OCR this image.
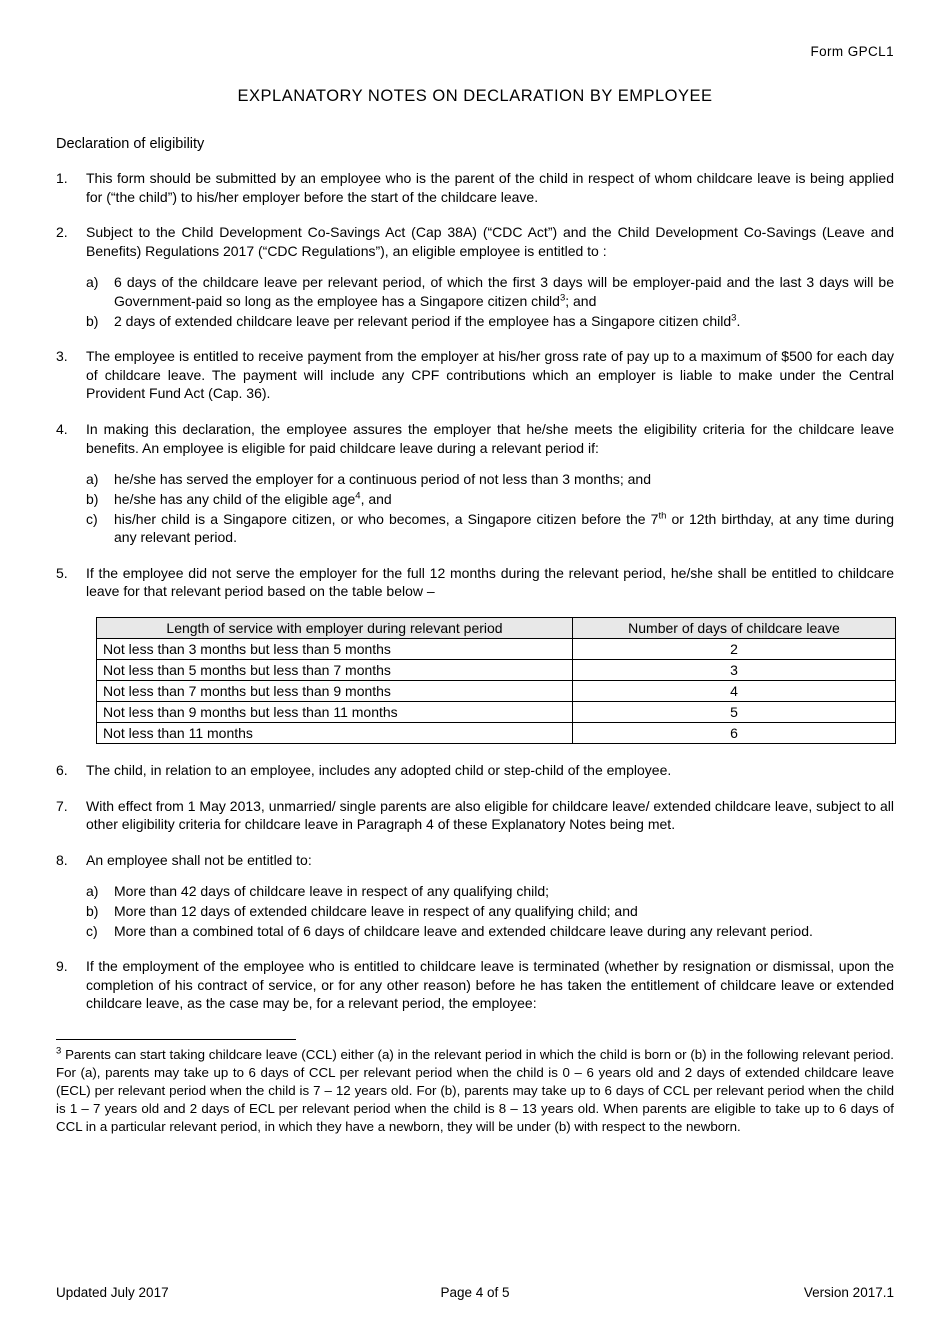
Form GPCL1
EXPLANATORY NOTES ON DECLARATION BY EMPLOYEE
Declaration of eligibility
1.	This form should be submitted by an employee who is the parent of the child in respect of whom childcare leave is being applied for (“the child”) to his/her employer before the start of the childcare leave.
2.	Subject to the Child Development Co-Savings Act (Cap 38A) (“CDC Act”) and the Child Development Co-Savings (Leave and Benefits) Regulations 2017 (“CDC Regulations”), an eligible employee is entitled to :
a)	6 days of the childcare leave per relevant period, of which the first 3 days will be employer-paid and the last 3 days will be Government-paid so long as the employee has a Singapore citizen child$^3$; and
b)	2 days of extended childcare leave per relevant period if the employee has a Singapore citizen child$^3$.
3.	The employee is entitled to receive payment from the employer at his/her gross rate of pay up to a maximum of $500 for each day of childcare leave. The payment will include any CPF contributions which an employer is liable to make under the Central Provident Fund Act (Cap. 36).
4.	In making this declaration, the employee assures the employer that he/she meets the eligibility criteria for the childcare leave benefits. An employee is eligible for paid childcare leave during a relevant period if:
a)	he/she has served the employer for a continuous period of not less than 3 months; and
b)	he/she has any child of the eligible age$^4$, and
c)	his/her child is a Singapore citizen, or who becomes, a Singapore citizen before the 7th or 12th birthday, at any time during any relevant period.
5.	If the employee did not serve the employer for the full 12 months during the relevant period, he/she shall be entitled to childcare leave for that relevant period based on the table below –
Length of service with employer during relevant period	Number of days of childcare leave
Not less than 3 months but less than 5 months	2
Not less than 5 months but less than 7 months	3
Not less than 7 months but less than 9 months	4
Not less than 9 months but less than 11 months	5
Not less than 11 months	6
6.	The child, in relation to an employee, includes any adopted child or step-child of the employee.
7.	With effect from 1 May 2013, unmarried/ single parents are also eligible for childcare leave/ extended childcare leave, subject to all other eligibility criteria for childcare leave in Paragraph 4 of these Explanatory Notes being met.
8.	An employee shall not be entitled to:
a)	More than 42 days of childcare leave in respect of any qualifying child;
b)	More than 12 days of extended childcare leave in respect of any qualifying child; and
c)	More than a combined total of 6 days of childcare leave and extended childcare leave during any relevant period.
9.	If the employment of the employee who is entitled to childcare leave is terminated (whether by resignation or dismissal, upon the completion of his contract of service, or for any other reason) before he has taken the entitlement of childcare leave or extended childcare leave, as the case may be, for a relevant period, the employee:
$^3$ Parents can start taking childcare leave (CCL) either (a) in the relevant period in which the child is born or (b) in the following relevant period. For (a), parents may take up to 6 days of CCL per relevant period when the child is 0 – 6 years old and 2 days of extended childcare leave (ECL) per relevant period when the child is 7 – 12 years old. For (b), parents may take up to 6 days of CCL per relevant period when the child is 1 – 7 years old and 2 days of ECL per relevant period when the child is 8 – 13 years old. When parents are eligible to take up to 6 days of CCL in a particular relevant period, in which they have a newborn, they will be under (b) with respect to the newborn.
Updated July 2017	Page 4 of 5	Version 2017.1
